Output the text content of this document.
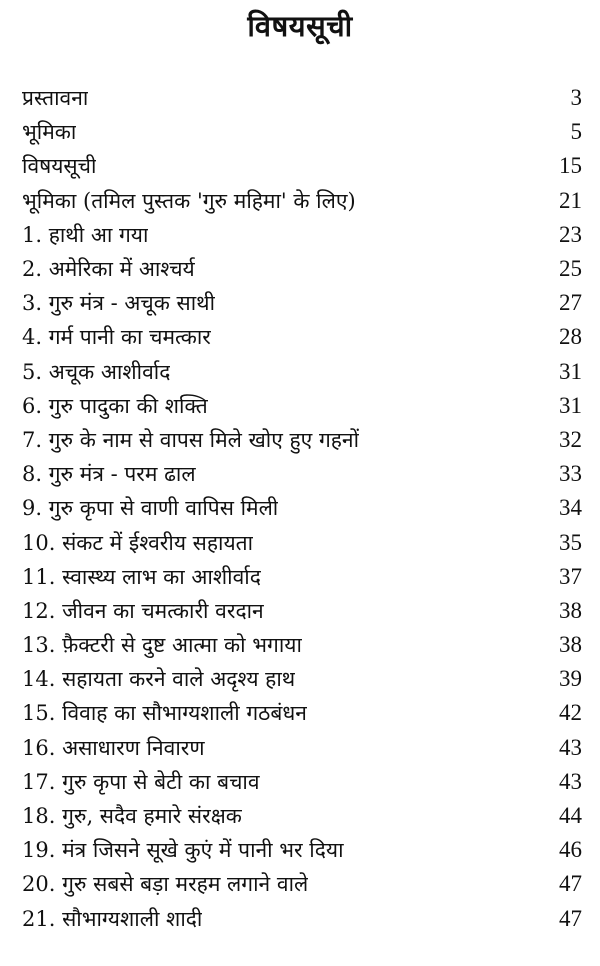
विषयसूची
प्रस्तावना	3
भूमिका	5
विषयसूची	15
भूमिका (तमिल पुस्तक 'गुरु महिमा' के लिए)	21
1. हाथी आ गया	23
2. अमेरिका में आश्चर्य	25
3. गुरु मंत्र - अचूक साथी	27
4. गर्म पानी का चमत्कार	28
5. अचूक आशीर्वाद	31
6. गुरु पादुका की शक्ति	31
7. गुरु के नाम से वापस मिले खोए हुए गहनों	32
8. गुरु मंत्र - परम ढाल	33
9. गुरु कृपा से वाणी वापिस मिली	34
10. संकट में ईश्वरीय सहायता	35
11. स्वास्थ्य लाभ का आशीर्वाद	37
12. जीवन का चमत्कारी वरदान	38
13. फ़ैक्टरी से दुष्ट आत्मा को भगाया	38
14. सहायता करने वाले अदृश्य हाथ	39
15. विवाह का सौभाग्यशाली गठबंधन	42
16. असाधारण निवारण	43
17. गुरु कृपा से बेटी का बचाव	43
18. गुरु, सदैव हमारे संरक्षक	44
19. मंत्र जिसने सूखे कुएं में पानी भर दिया	46
20. गुरु सबसे बड़ा मरहम लगाने वाले	47
21. सौभाग्यशाली शादी	47
